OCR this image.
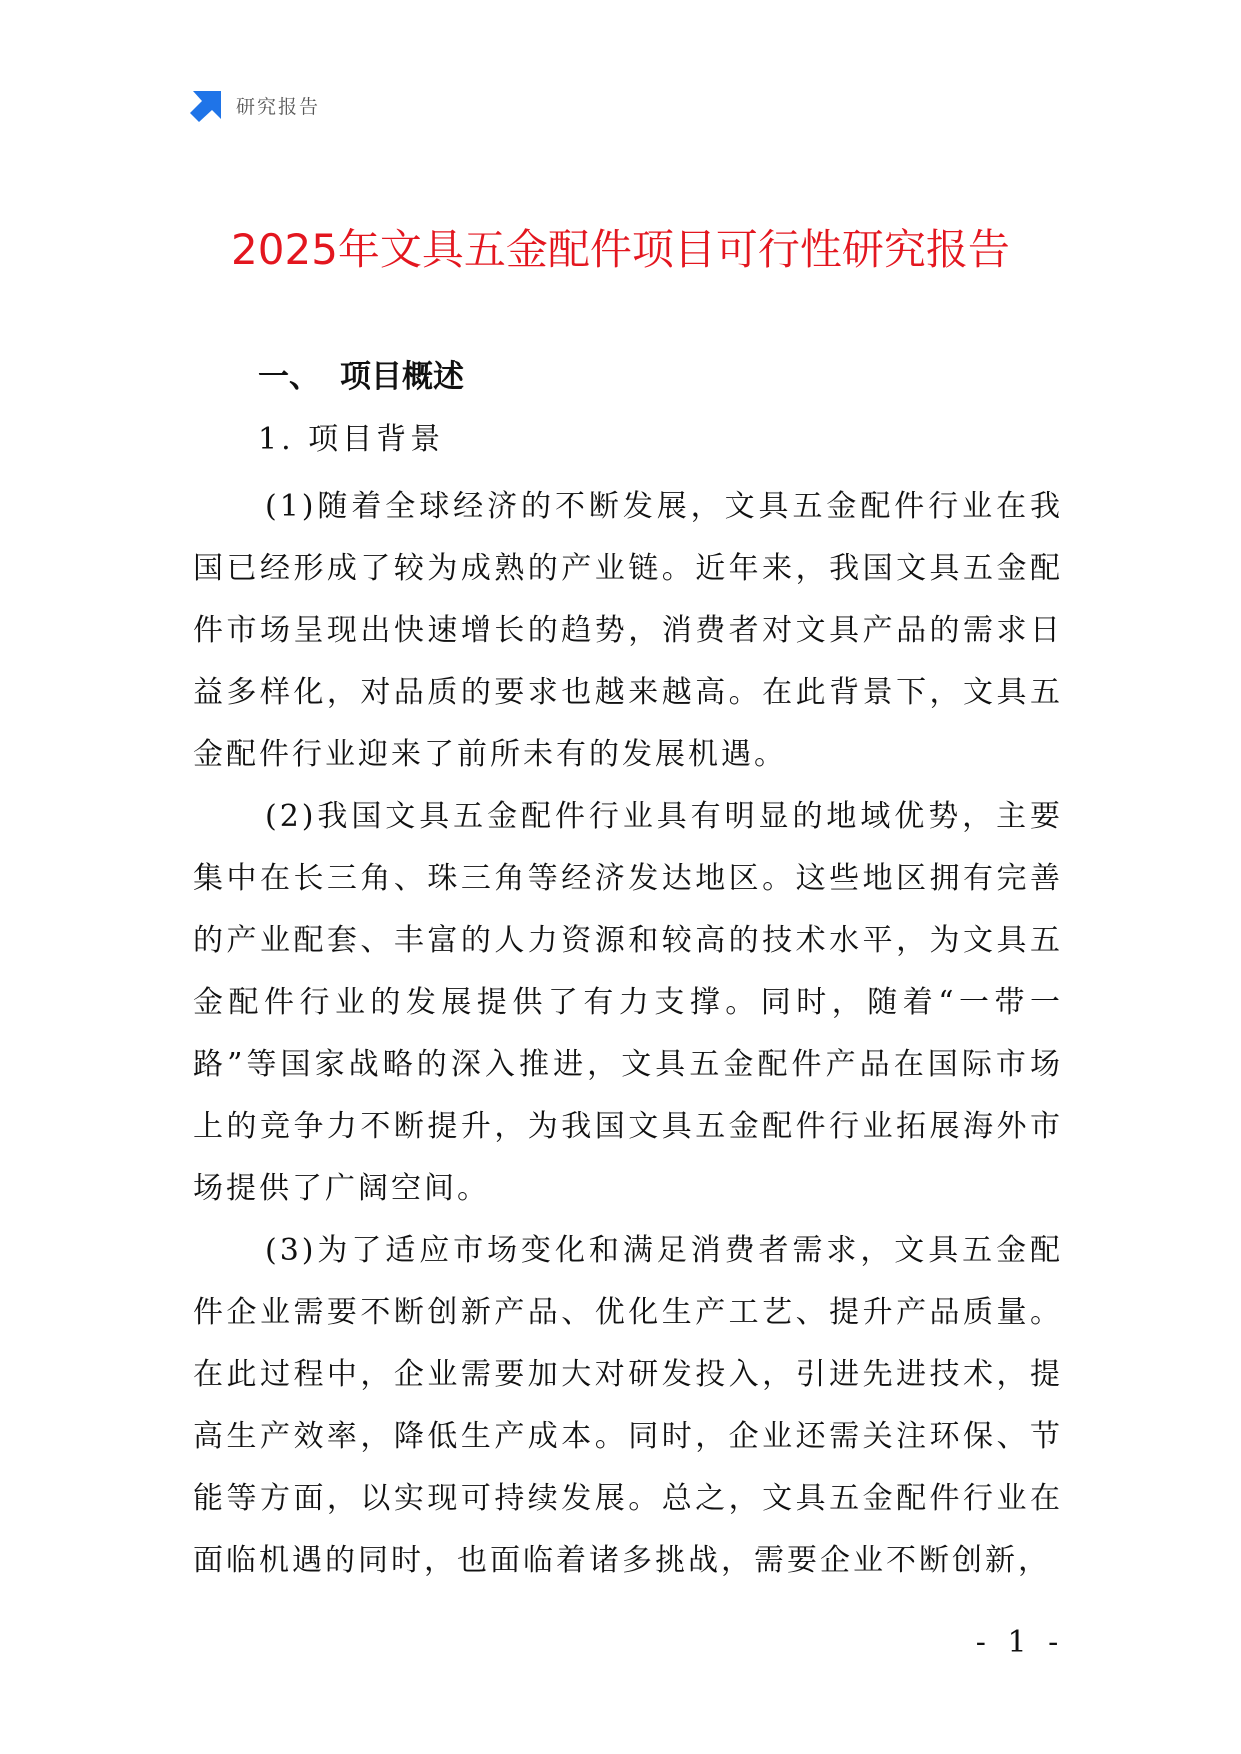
研究报告
2025年文具五金配件项目可行性研究报告
一、 项目概述
1. 项目背景

(1)随着全球经济的不断发展，文具五金配件行业在我国已经形成了较为成熟的产业链。近年来，我国文具五金配件市场呈现出快速增长的趋势，消费者对文具产品的需求日益多样化，对品质的要求也越来越高。在此背景下，文具五金配件行业迎来了前所未有的发展机遇。

(2)我国文具五金配件行业具有明显的地域优势，主要集中在长三角、珠三角等经济发达地区。这些地区拥有完善的产业配套、丰富的人力资源和较高的技术水平，为文具五金配件行业的发展提供了有力支撑。同时，随着“一带一路”等国家战略的深入推进，文具五金配件产品在国际市场上的竞争力不断提升，为我国文具五金配件行业拓展海外市场提供了广阔空间。

(3)为了适应市场变化和满足消费者需求，文具五金配件企业需要不断创新产品、优化生产工艺、提升产品质量。在此过程中，企业需要加大对研发投入，引进先进技术，提高生产效率，降低生产成本。同时，企业还需关注环保、节能等方面，以实现可持续发展。总之，文具五金配件行业在面临机遇的同时，也面临着诸多挑战，需要企业不断创新，

- 1 -
